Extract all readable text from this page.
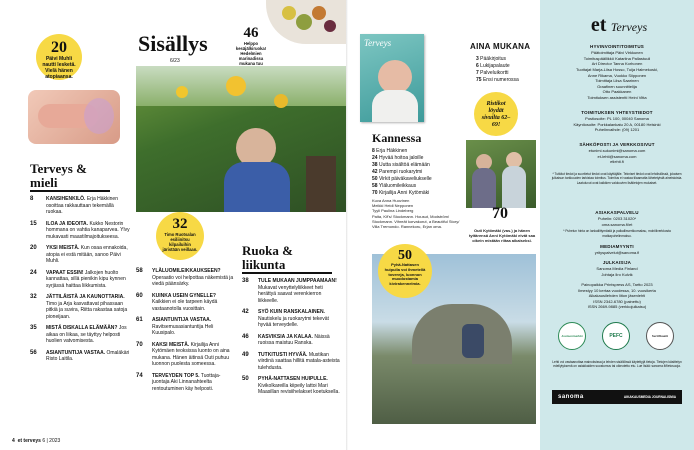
20
Päivi Muhli nautti lesketä. Vielä hänen atopiaansa.
Sisällys
6/23
46
Helppo kesäjälkiruoka! Hedelmien marinadissa mukana tuu
32
Timo Ruotsalan esiliinitsu kilpailuihin järistään veillaan.
Terveys & mieli
8	KANSIHENKILÖ. Erja Häkkinen osoittaa rakkauttaan tekemällä ruokaa.
15	ILOA JA IDEOITA. Kukko Nestorin hommana on vahtia kanaparvea. Ylvy mukavasti maastilmajoitukseesa.
20	YKSI MEISTÄ. Kun osaa ennakoida, atopia ei estä mitään, sanoo Päivi Muhli.
24	VAPAAT ESSIN! Jalkojen huolto kannattaa, sillä pienikin kipu kynnen syrjässä haittaa liikkumista.
32	JÄTTILÄISTÄ JA KAUNOTTARIA. Timo ja Arja kasvattavat pihassaan pitkiä ja suvira, Riitta rakastaa satoja pioneijaan.
35	MISTÄ DISKALLA ELÄMÄÄN? Jos aikaa on liikaa, se täyttyy helposti huolien vatvomisesta.
56	ASIANTUNTIJA VASTAA. Omaläkäri Risto Laitila.
58	YLÄLUOMILEIKKAUKSEEN? Operaatio voi helpottaa näkemistä ja viedä päänsärky.
60	KUINKA USEIN GYNELLE? Kaikkien ei ole tarpeen käydä vastaanotolla vuosittain.
61	ASIANTUNTIJA VASTAA. Ravitsemusasiantuntija Heli Kuusipalo.
70	KAKSI MEISTÄ. Kirjailija Anni Kytömäen teoksissa luonto on aina mukana. Hänen äitinsä Outi puhuu luonnon puolesta someessa.
74	TERVEYDEN TOP 5. Tuottaja-juontaja Aki Linnanahteelta rentoutuminen käy helposti.
Ruoka & liikunta
38	TULE MUKAAN JUMPPAAMAAN! Mukavat venyttelyliikkeet heti herättyä saavat verenkierron liikkeelle.
42	SYÖ KUIN RANSKALAINEN. Nautiskelu ja ruokarytmi tekevät hyvää terveydelle.
46	KASVIKSIA JA KALAA. Näissä ruoissa maistuu Ranska.
49	TUTKITUSTI HYVÄÄ. Mustikan viirdinä saattaa hillitä matala-asteista tulehdusta.
50	PYHÄ-NATTASEN HUIPULLE. Kivikolkareilla kiipeily lattoi Mari Maasillan revisiihelakset koetuksella.
4 et terveys 6 | 2023
Terveys
Kannessa
8 Erja Häkkinen
24 Hyvää hoitoa jaloille
38 Uutta sisältöä elämään
42 Parempi ruokarytmi
50 Virkit päiväkaveliukselle
58 Yläluomileikkaus
70 Kirjailija Anni Kytömäki
Kuva Anna Huovinen
Meikki Heidi Nepponen
Tyyli Paulina Lindeberg
Paita, Kif's/ Stockmann. Housut, Modström/ Stockmann. Vihreät korvakorut, a Beautiful Story/ Villa Tremondo. Rannekoru, Erjan oma.
AINA MUKANA
3 Pääkirjoitus
6 Lukijapalaute
7 Palveluikortti
75 Ensi numerossa
Ristikot löydät sivuilta 62–69!
70
Outi Kytömäki (vas.) ja hänen tyttärensä Anni Kytömäki eivät saa oikein mistään riitaa aikaiseksi.
50
Pyhä-Nattasen huipulla voi ihmetellä tovereja, luonnon muodostamia kivirakennelmia.

et Terveys
HYVINVOINTITOIMITUS
Päätoimittaja Päivi Virkkunen
Toimituspäällikkö Katariina Pallastuuli
Art Director Tanna Korhonen
Tuottajat Marja-Liisa Hosso, Tuija Halmekoski,
Anne Rikama, Vuokko Siipponen
Toimittaja Liisa Saarinen
Graafinen suunnittelija
Otto Paakkanen
Toimituksen assistentti Heini Vitta
TOIMITUKSEN YHTEYSTIEDOT
Postiosoite: PL 100, 00040 Sanoma
Käyntiosoite: Porkkalankatu 20 A, 00180 Helsinki
Puhelinvaihde: (09) 1201
SÄHKÖPOSTI JA VERKKOSIVUT
etunimi.sukunimi@sanoma.com
et-lehti@sanoma.com
etlehti.fi
* Tutkitut tiedot ja suoritetut tiedot ovat käyttäjälle. Tekniset tiedot ovat lehdistöissä, jokaisen julkaisun tarkkuuden tarkistaa toimitus. Toimitus ei vastaa tilaamatta lähetetyistä aineistoista. Laatuluvut ovat kaikkien valokuvien lisätietojen mukaiset.
ASIAKASPALVELU
Puhelin: 0203 31020*
oma.sanoma.fi/et
* Puhelun hinta on lankaliittymästä ja paikallisverkkomaksu, mobiiliverkkosta matkapuhelinmaksu.
MEDIAMYYNTI
yrityspalvelut@sanoma.fi
JULKAISIJA
Sanoma Media Finland
Johtaja Ilro Kulvik
Painopaikka Printspress AS, Tartto 2023
Ilmestyy 10 kertaa vuodessa, 10. vuosikerta
Aikakausilehden liiton jäsenlehti
ISSN 2342-6780 (painettu)
ISSN 2669-9885 (verkkojulkaisu)
Joutsenmerkki	PEFC	Sertifikaatti
Lehti voi vastaanottaa mainoksissa ja lehden sisällöissä käytettyjä tietoja. Tietojen käsittelyn edellytyksenä on asiakkaiden suostumus tai oikeutettu etu. Lue lisää: sanoma.fi/tietosuoja.
sanoma	AIKAKAUSMEDIA JOURNALISMIA
